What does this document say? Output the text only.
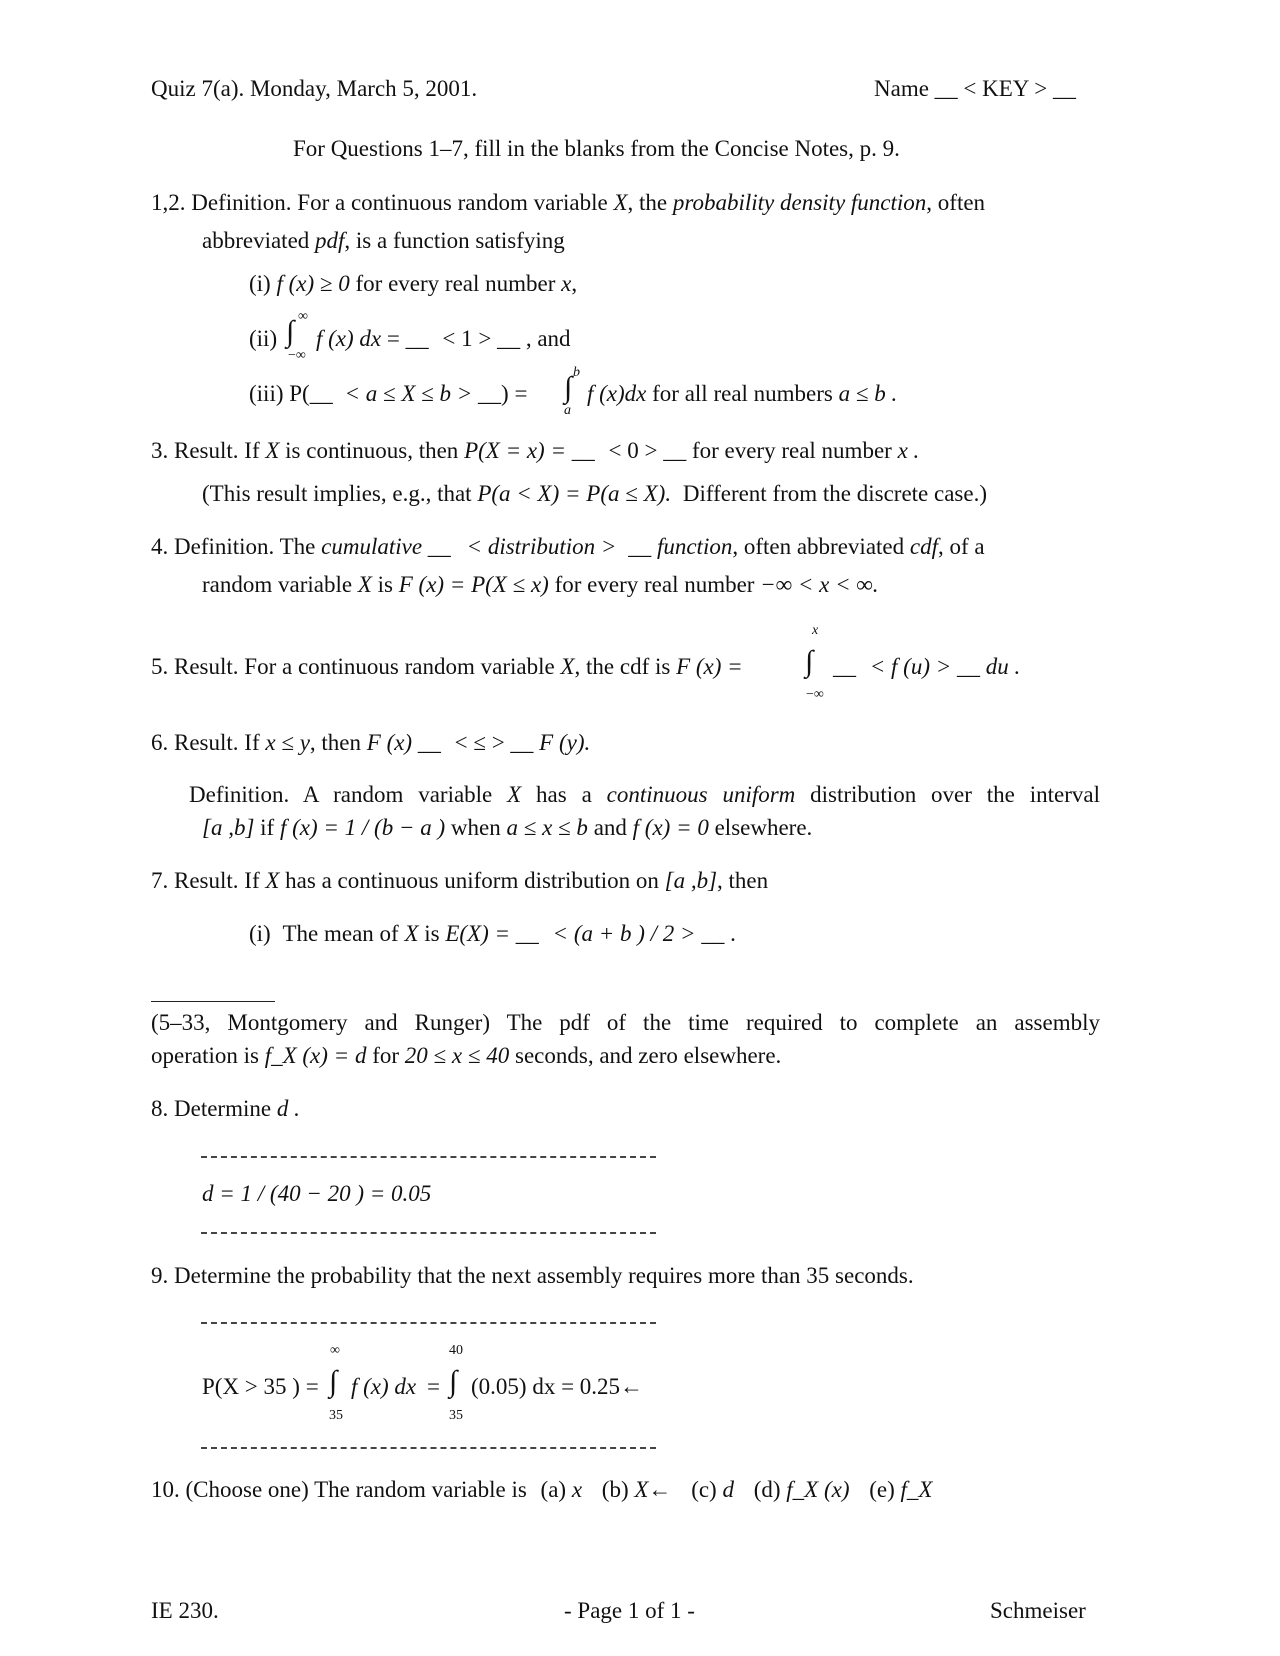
Quiz 7(a). Monday, March 5, 2001.	Name __ < KEY > __
For Questions 1–7, fill in the blanks from the Concise Notes, p. 9.
1,2. Definition. For a continuous random variable X, the probability density function, often
abbreviated pdf, is a function satisfying
(i) f (x) ≥ 0 for every real number x,
(ii) ∫ ∞
−∞
f (x) dx = __ < 1 > __ , and
(iii) P(__ < a ≤ X ≤ b > __) = ∫ b
a
f (x)dx for all real numbers a ≤ b .
3. Result. If X is continuous, then P(X = x) = __ < 0 > __ for every real number x .
(This result implies, e.g., that P(a < X) = P(a ≤ X). Different from the discrete case.)
4. Definition. The cumulative __ < distribution > __ function, often abbreviated cdf, of a
random variable X is F (x) = P(X ≤ x) for every real number −∞ < x < ∞.
5. Result. For a continuous random variable X, the cdf is F (x) = ∫
x
−∞
__ < f (u) > __ du .
6. Result. If x ≤ y, then F (x) __ < ≤ > __ F (y).
Definition. A random variable X has a continuous uniform distribution over the interval
[a ,b] if f (x) = 1 / (b − a ) when a ≤ x ≤ b and f (x) = 0 elsewhere.
7. Result. If X has a continuous uniform distribution on [a ,b], then
(i) The mean of X is E(X) = __ < (a + b ) / 2 > __ .
(5–33, Montgomery and Runger) The pdf of the time required to complete an assembly
operation is f_X (x) = d for 20 ≤ x ≤ 40 seconds, and zero elsewhere.
8. Determine d .
d = 1 / (40 − 20 ) = 0.05
9. Determine the probability that the next assembly requires more than 35 seconds.
P(X > 35 ) = ∫
∞
35
f (x) dx = ∫
40
35
(0.05) dx = 0.25←
10. (Choose one) The random variable is (a) x (b) X← (c) d (d) f_X (x) (e) f_X
IE 230.	- Page 1 of 1 -	Schmeiser
